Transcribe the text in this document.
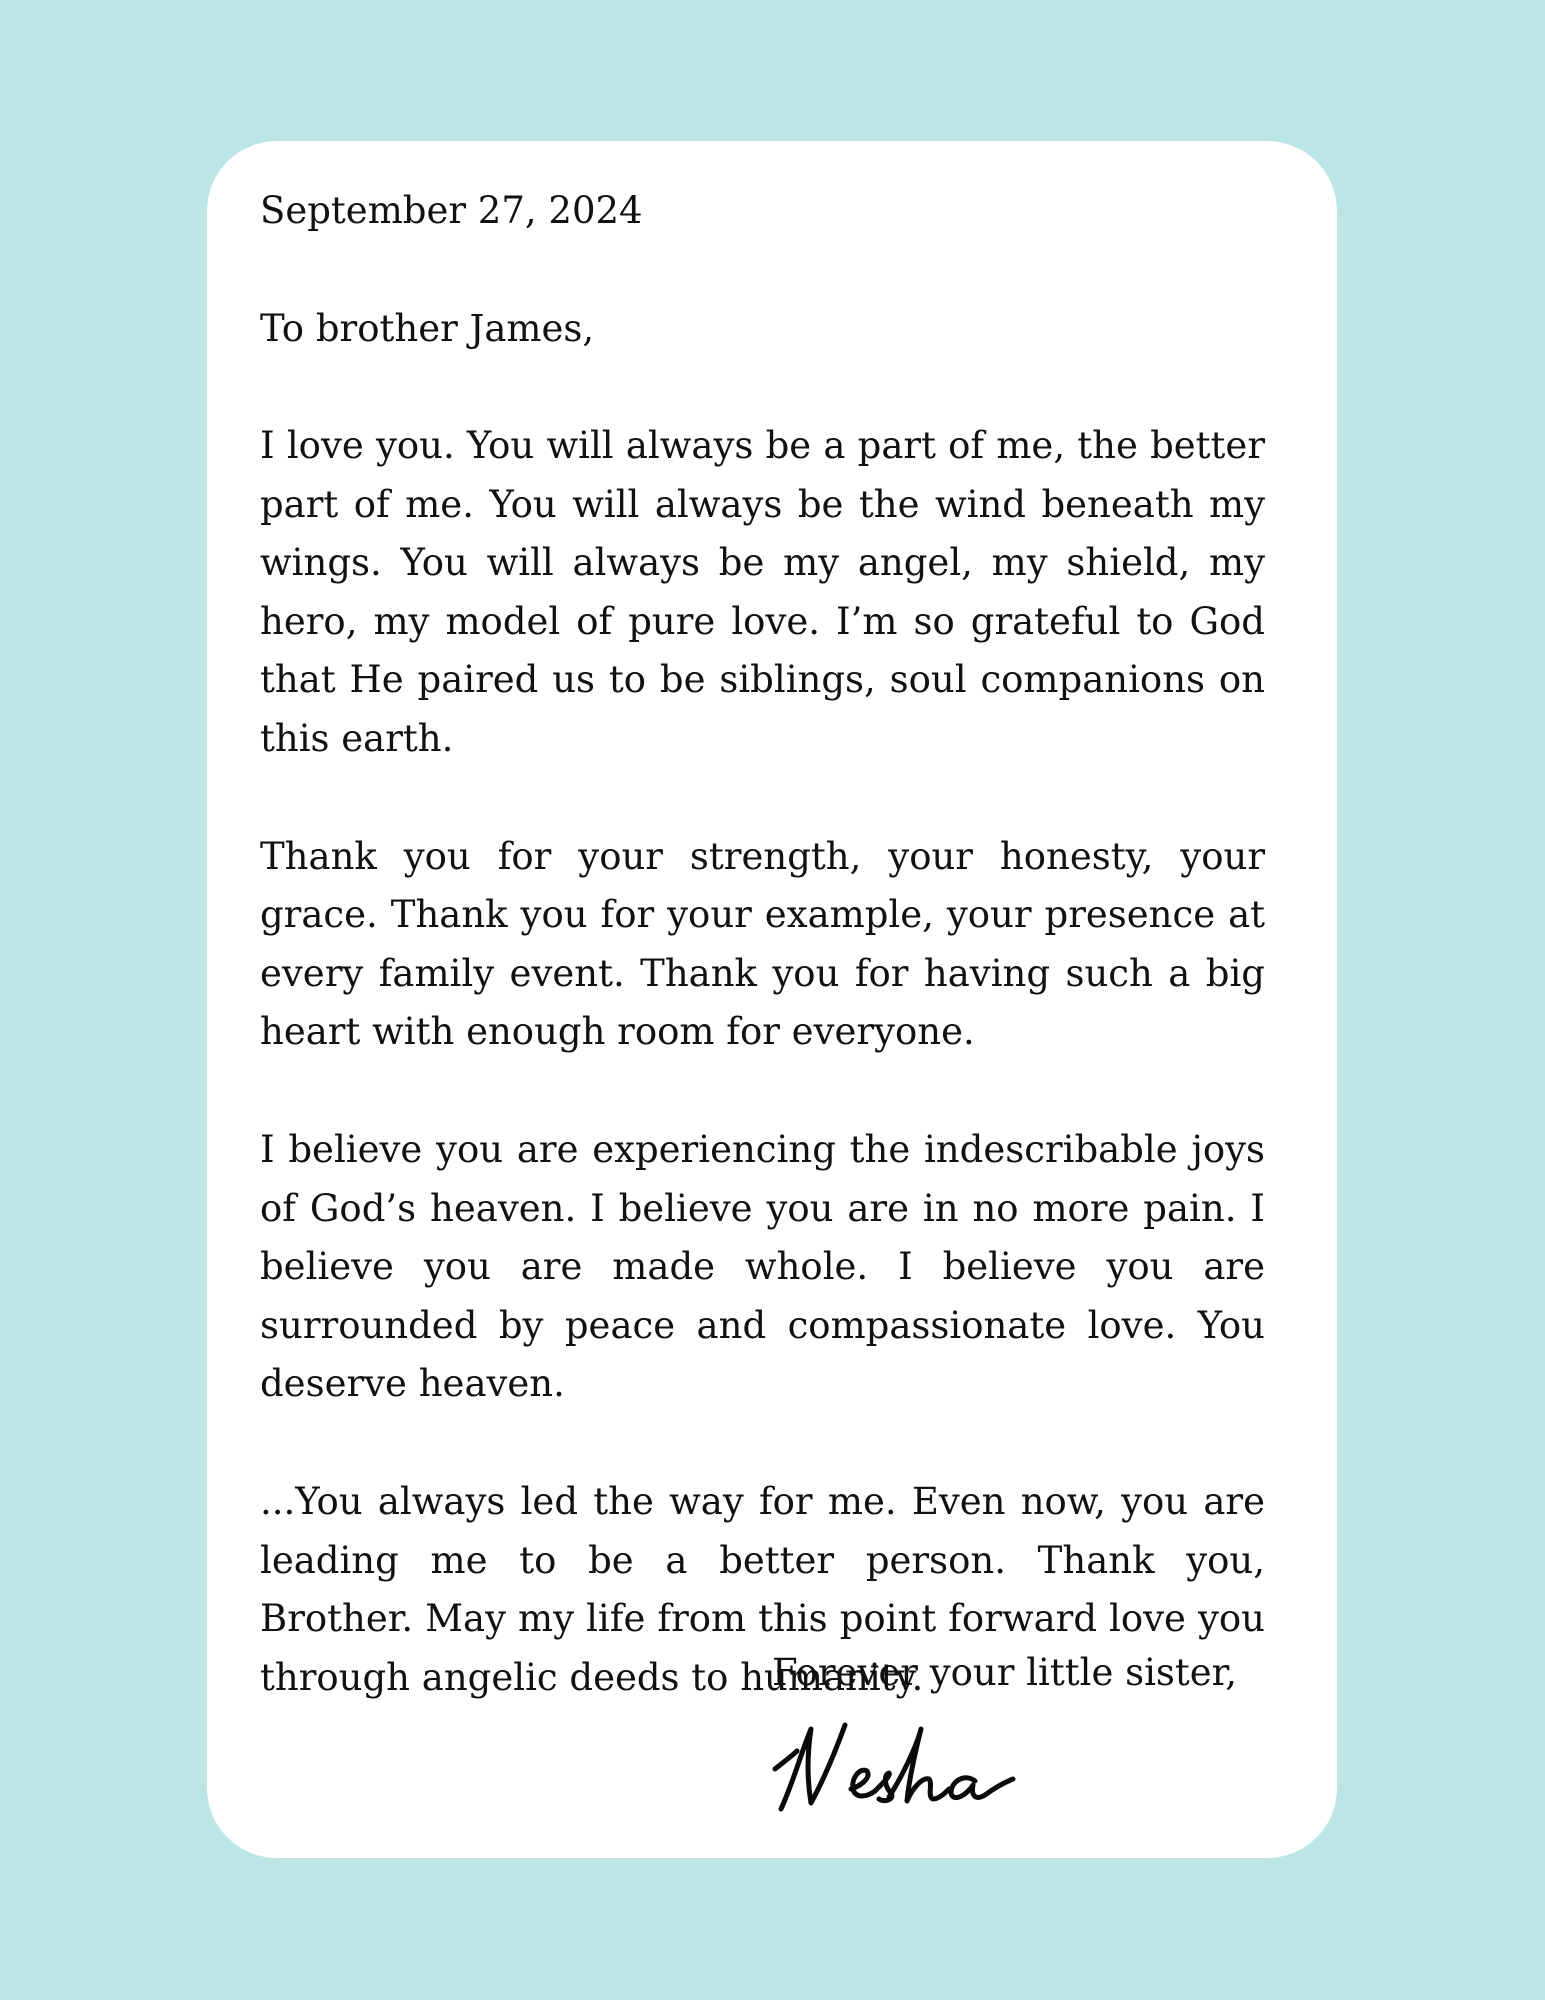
September 27, 2024

To brother James,

I love you. You will always be a part of me, the better part of me. You will always be the wind beneath my wings. You will always be my angel, my shield, my hero, my model of pure love. I’m so grateful to God that He paired us to be siblings, soul companions on this earth.

Thank you for your strength, your honesty, your grace. Thank you for your example, your presence at every family event. Thank you for having such a big heart with enough room for everyone.

I believe you are experiencing the indescribable joys of God’s heaven. I believe you are in no more pain. I believe you are made whole. I believe you are surrounded by peace and compassionate love. You deserve heaven.

...You always led the way for me. Even now, you are leading me to be a better person. Thank you, Brother. May my life from this point forward love you through angelic deeds to humanity.

Forever your little sister,
